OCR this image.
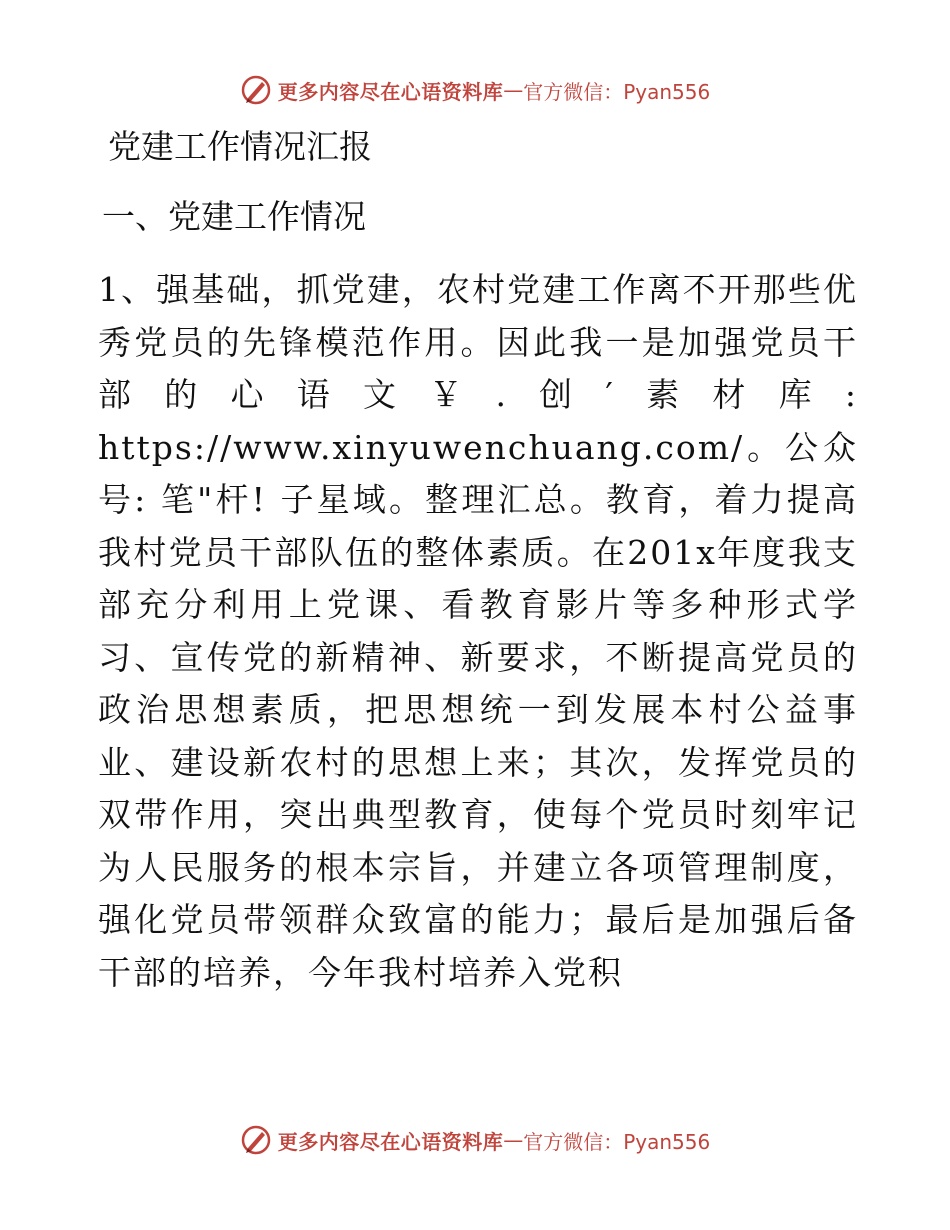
更多内容尽在心语资料库 — 官方微信：Pyan556
党建工作情况汇报
一、党建工作情况

1、强基础，抓党建，农村党建工作离不开那些优秀党员的先锋模范作用。因此我一是加强党员干部的心语文￥.创′素材库: https://www.xinyuwenchuang.com/。公众号: 笔"杆! 子星域。整理汇总。教育，着力提高我村党员干部队伍的整体素质。在201x年度我支部充分利用上党课、看教育影片等多种形式学习、宣传党的新精神、新要求，不断提高党员的政治思想素质，把思想统一到发展本村公益事业、建设新农村的思想上来；其次，发挥党员的双带作用，突出典型教育，使每个党员时刻牢记为人民服务的根本宗旨，并建立各项管理制度，强化党员带领群众致富的能力；最后是加强后备干部的培养，今年我村培养入党积

更多内容尽在心语资料库 — 官方微信：Pyan556
